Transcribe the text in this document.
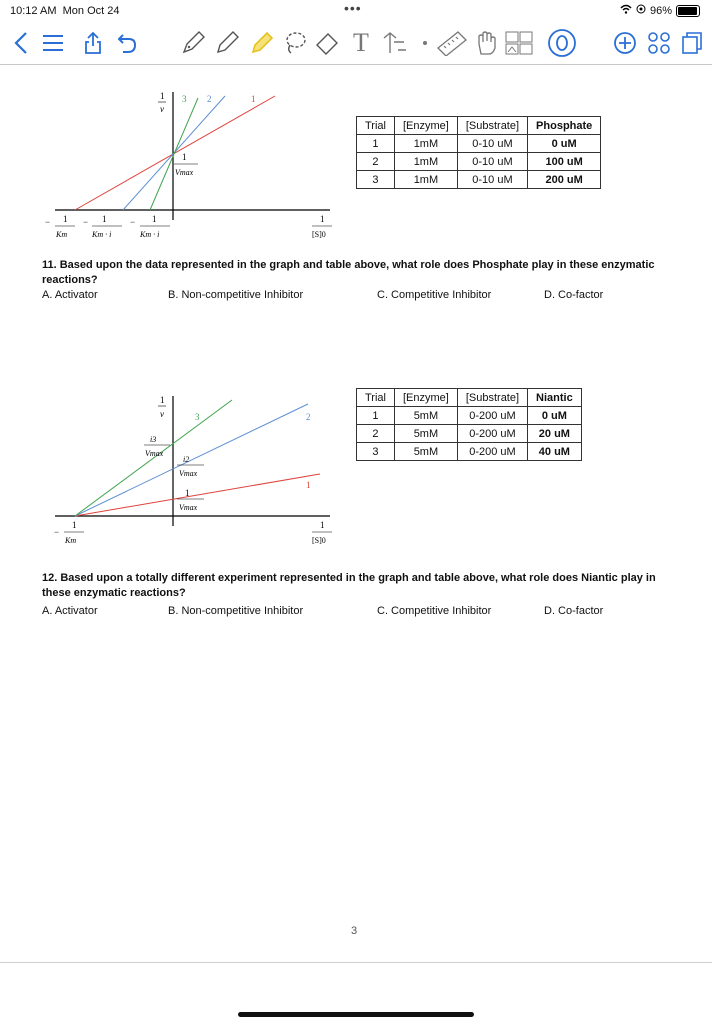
10:12 AM Mon Oct 24	•••	96%
T
3 2	1
1
v
1
Vmax
− 1
Km
− 1
Km · i
− 1
Km · i
1
[S]0
Trial	[Enzyme]	[Substrate]	Phosphate
1	1mM	0-10 uM	0 uM
2	1mM	0-10 uM	100 uM
3	1mM	0-10 uM	200 uM
11. Based upon the data represented in the graph and table above, what role does Phosphate play in these enzymatic reactions?
A. Activator	B. Non-competitive Inhibitor	C. Competitive Inhibitor	D. Co-factor
3	2
1
1
v
i3
Vmax
i2
Vmax
1
Vmax
−
1
Km
1
[S]0
Trial	[Enzyme]	[Substrate]	Niantic
1	5mM	0-200 uM	0 uM
2	5mM	0-200 uM	20 uM
3	5mM	0-200 uM	40 uM
12. Based upon a totally different experiment represented in the graph and table above, what role does Niantic play in these enzymatic reactions?
A. Activator	B. Non-competitive Inhibitor	C. Competitive Inhibitor	D. Co-factor
3
